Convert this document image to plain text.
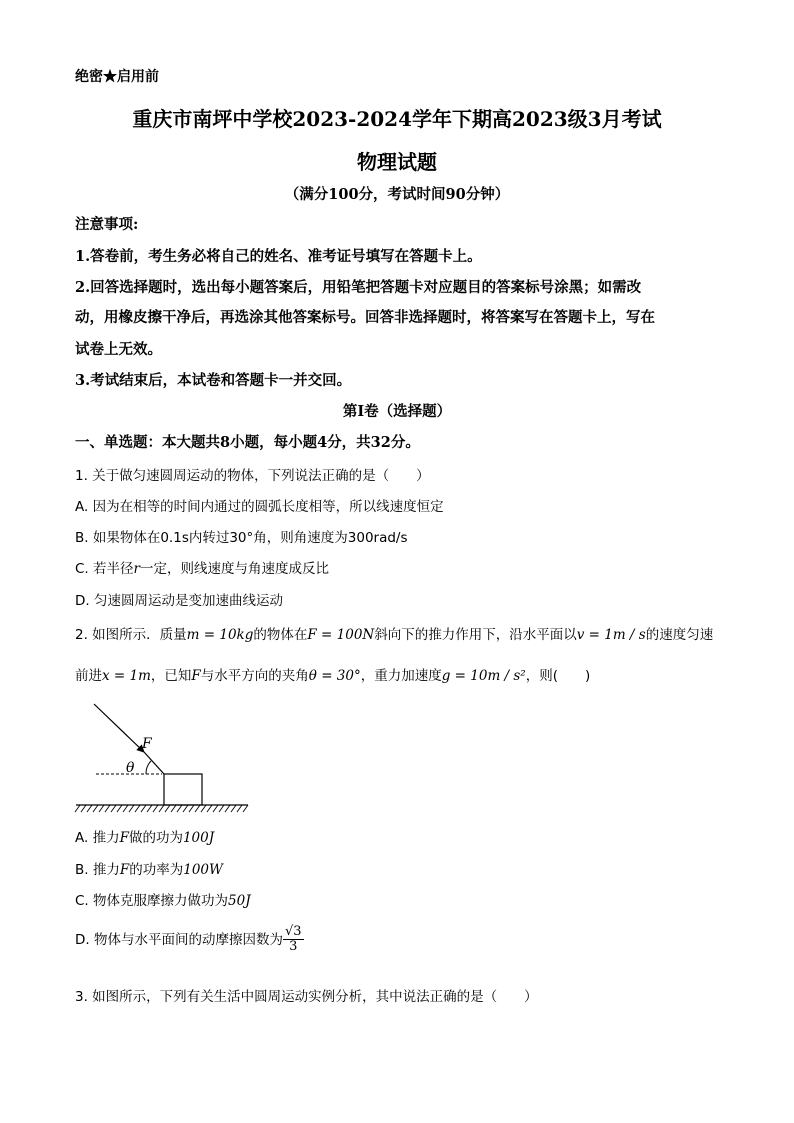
绝密★启用前
重庆市南坪中学校2023-2024学年下期高2023级3月考试
物理试题
（满分100分，考试时间90分钟）
注意事项:
1.答卷前，考生务必将自己的姓名、准考证号填写在答题卡上。
2.回答选择题时，选出每小题答案后，用铅笔把答题卡对应题目的答案标号涂黑；如需改
动，用橡皮擦干净后，再选涂其他答案标号。回答非选择题时，将答案写在答题卡上，写在
试卷上无效。
3.考试结束后，本试卷和答题卡一并交回。
第I卷（选择题）
一、单选题：本大题共8小题，每小题4分，共32分。
1. 关于做匀速圆周运动的物体，下列说法正确的是（　　）
A. 因为在相等的时间内通过的圆弧长度相等，所以线速度恒定
B. 如果物体在0.1s内转过30°角，则角速度为300rad/s
C. 若半径r一定，则线速度与角速度成反比
D. 匀速圆周运动是变加速曲线运动
2. 如图所示．质量m = 10kg的物体在F = 100N斜向下的推力作用下，沿水平面以v = 1m / s的速度匀速
前进x = 1m，已知F与水平方向的夹角θ = 30°，重力加速度g = 10m / s²，则(　　)
F
θ
A. 推力F做的功为100J
B. 推力F的功率为100W
C. 物体克服摩擦力做功为50J
D. 物体与水平面间的动摩擦因数为 $\frac{√3}{3}$
3. 如图所示，下列有关生活中圆周运动实例分析，其中说法正确的是（　　）
